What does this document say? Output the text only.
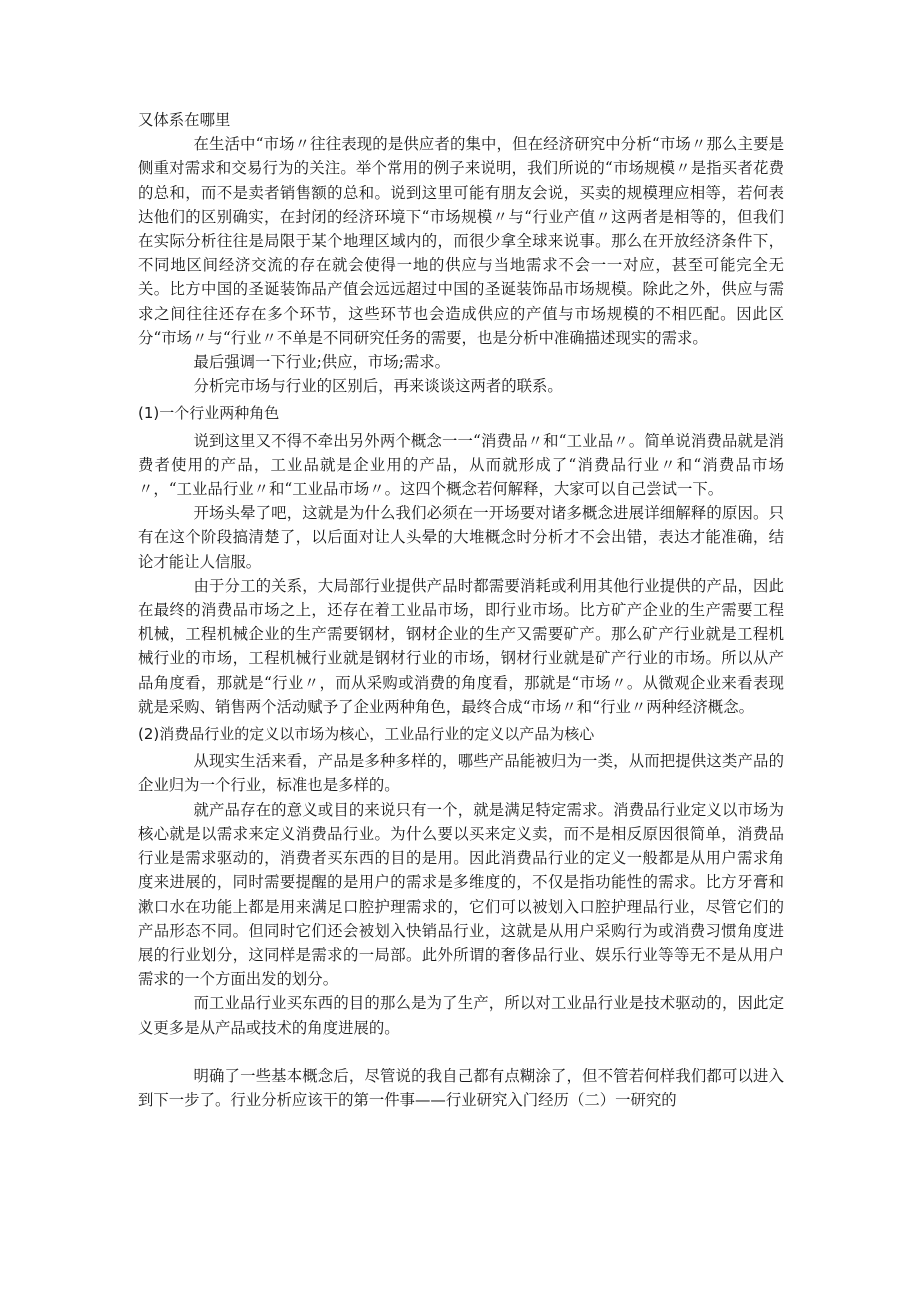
又体系在哪里

在生活中“市场〃往往表现的是供应者的集中，但在经济研究中分析“市场〃那么主要是侧重对需求和交易行为的关注。举个常用的例子来说明，我们所说的“市场规模〃是指买者花费的总和，而不是卖者销售额的总和。说到这里可能有朋友会说，买卖的规模理应相等，若何表达他们的区别确实，在封闭的经济环境下“市场规模〃与“行业产值〃这两者是相等的，但我们在实际分析往往是局限于某个地理区域内的，而很少拿全球来说事。那么在开放经济条件下，不同地区间经济交流的存在就会使得一地的供应与当地需求不会一一对应，甚至可能完全无关。比方中国的圣诞装饰品产值会远远超过中国的圣诞装饰品市场规模。除此之外，供应与需求之间往往还存在多个环节，这些环节也会造成供应的产值与市场规模的不相匹配。因此区分“市场〃与“行业〃不单是不同研究任务的需要，也是分析中准确描述现实的需求。

最后强调一下行业;供应，市场;需求。

分析完市场与行业的区别后，再来谈谈这两者的联系。

(1)一个行业两种角色

说到这里又不得不牵出另外两个概念一一“消费品〃和“工业品〃。简单说消费品就是消费者使用的产品，工业品就是企业用的产品，从而就形成了“消费品行业〃和“消费品市场〃，“工业品行业〃和“工业品市场〃。这四个概念若何解释，大家可以自己尝试一下。

开场头晕了吧，这就是为什么我们必须在一开场要对诸多概念进展详细解释的原因。只有在这个阶段搞清楚了，以后面对让人头晕的大堆概念时分析才不会出错，表达才能准确，结论才能让人信服。

由于分工的关系，大局部行业提供产品时都需要消耗或利用其他行业提供的产品，因此在最终的消费品市场之上，还存在着工业品市场，即行业市场。比方矿产企业的生产需要工程机械，工程机械企业的生产需要钢材，钢材企业的生产又需要矿产。那么矿产行业就是工程机械行业的市场，工程机械行业就是钢材行业的市场，钢材行业就是矿产行业的市场。所以从产品角度看，那就是“行业〃，而从采购或消费的角度看，那就是“市场〃。从微观企业来看表现就是采购、销售两个活动赋予了企业两种角色，最终合成“市场〃和“行业〃两种经济概念。

(2)消费品行业的定义以市场为核心，工业品行业的定义以产品为核心

从现实生活来看，产品是多种多样的，哪些产品能被归为一类，从而把提供这类产品的企业归为一个行业，标准也是多样的。

就产品存在的意义或目的来说只有一个，就是满足特定需求。消费品行业定义以市场为核心就是以需求来定义消费品行业。为什么要以买来定义卖，而不是相反原因很简单，消费品行业是需求驱动的，消费者买东西的目的是用。因此消费品行业的定义一般都是从用户需求角度来进展的，同时需要提醒的是用户的需求是多维度的，不仅是指功能性的需求。比方牙膏和漱口水在功能上都是用来满足口腔护理需求的，它们可以被划入口腔护理品行业，尽管它们的产品形态不同。但同时它们还会被划入快销品行业，这就是从用户采购行为或消费习惯角度进展的行业划分，这同样是需求的一局部。此外所谓的奢侈品行业、娱乐行业等等无不是从用户需求的一个方面出发的划分。

而工业品行业买东西的目的那么是为了生产，所以对工业品行业是技术驱动的，因此定义更多是从产品或技术的角度进展的。

明确了一些基本概念后，尽管说的我自己都有点糊涂了，但不管若何样我们都可以进入到下一步了。行业分析应该干的第一件事——行业研究入门经历（二）一研究的
